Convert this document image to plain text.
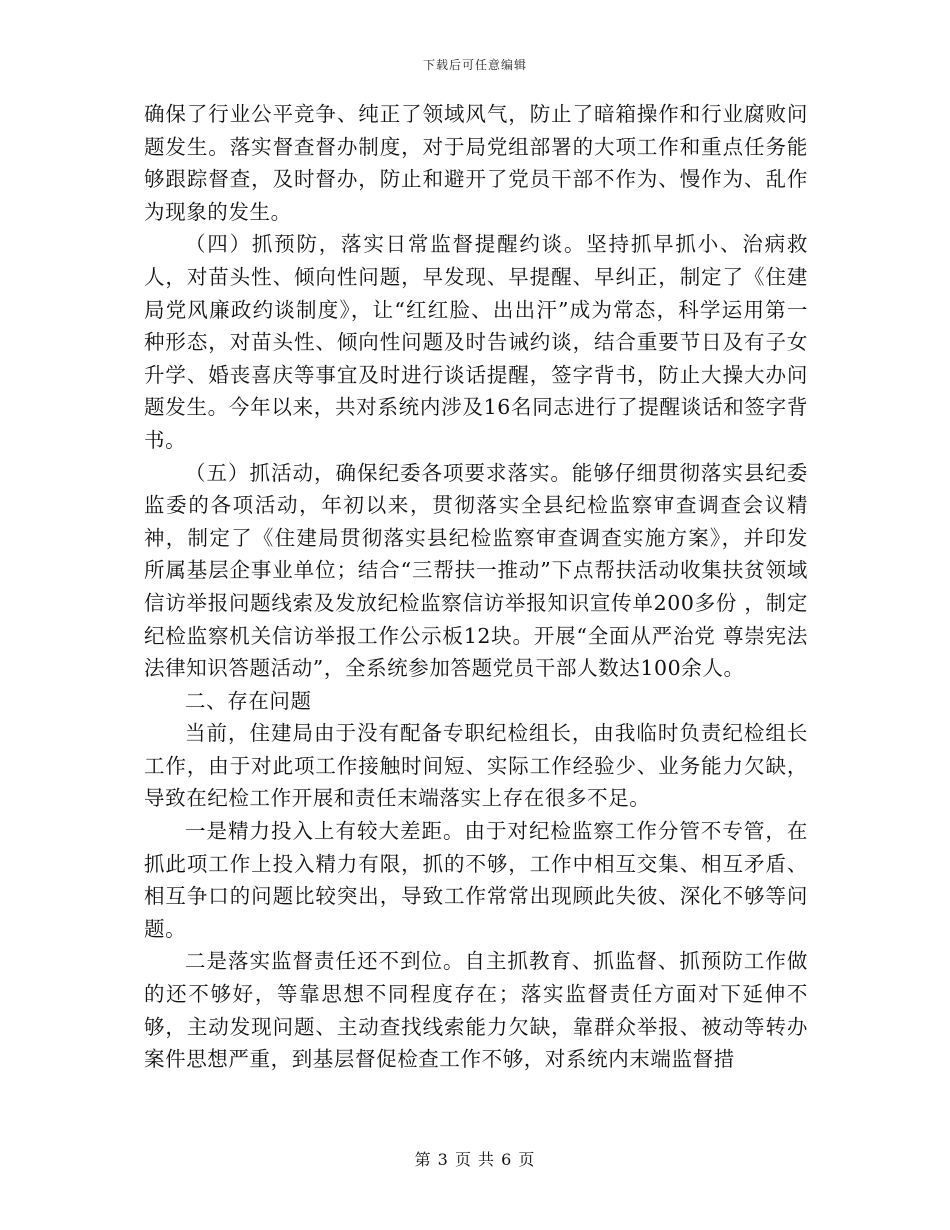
下载后可任意编辑

确保了行业公平竞争、纯正了领域风气，防止了暗箱操作和行业腐败问题发生。落实督查督办制度，对于局党组部署的大项工作和重点任务能够跟踪督查，及时督办，防止和避开了党员干部不作为、慢作为、乱作为现象的发生。

（四）抓预防，落实日常监督提醒约谈。坚持抓早抓小、治病救人，对苗头性、倾向性问题，早发现、早提醒、早纠正，制定了《住建局党风廉政约谈制度》，让“红红脸、出出汗”成为常态，科学运用第一种形态，对苗头性、倾向性问题及时告诫约谈，结合重要节日及有子女升学、婚丧喜庆等事宜及时进行谈话提醒，签字背书，防止大操大办问题发生。今年以来，共对系统内涉及16名同志进行了提醒谈话和签字背书。

（五）抓活动，确保纪委各项要求落实。能够仔细贯彻落实县纪委监委的各项活动，年初以来，贯彻落实全县纪检监察审查调查会议精神，制定了《住建局贯彻落实县纪检监察审查调查实施方案》，并印发所属基层企事业单位；结合“三帮扶一推动”下点帮扶活动收集扶贫领域信访举报问题线索及发放纪检监察信访举报知识宣传单200多份 ，制定纪检监察机关信访举报工作公示板12块。开展“全面从严治党 尊崇宪法法律知识答题活动”，全系统参加答题党员干部人数达100余人。

二、存在问题

当前，住建局由于没有配备专职纪检组长，由我临时负责纪检组长工作，由于对此项工作接触时间短、实际工作经验少、业务能力欠缺，导致在纪检工作开展和责任末端落实上存在很多不足。

一是精力投入上有较大差距。由于对纪检监察工作分管不专管，在抓此项工作上投入精力有限，抓的不够，工作中相互交集、相互矛盾、相互争口的问题比较突出，导致工作常常出现顾此失彼、深化不够等问题。

二是落实监督责任还不到位。自主抓教育、抓监督、抓预防工作做的还不够好，等靠思想不同程度存在；落实监督责任方面对下延伸不够，主动发现问题、主动查找线索能力欠缺，靠群众举报、被动等转办案件思想严重，到基层督促检查工作不够，对系统内末端监督措

第 3 页 共 6 页
